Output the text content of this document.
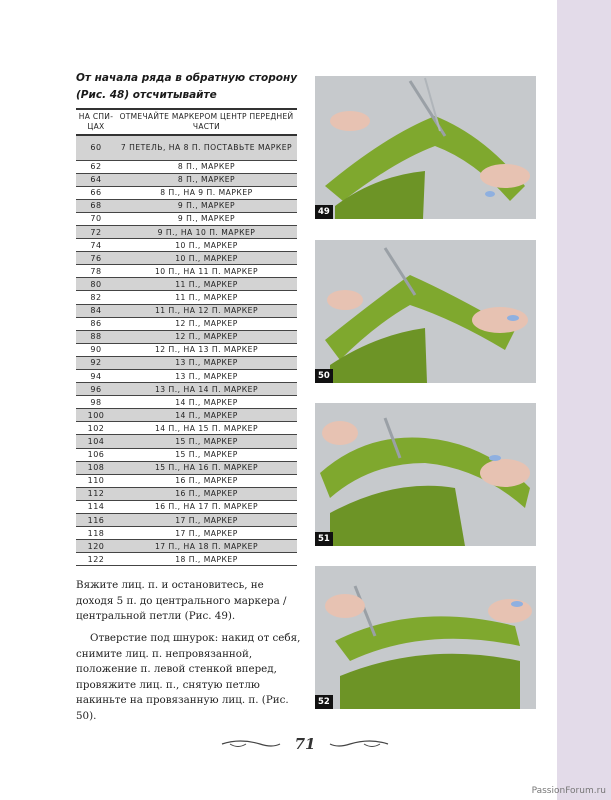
От начала ряда в обратную сторону
(Рис. 48) отсчитывайте
НА СПИ- ЦАХ	ОТМЕЧАЙТЕ МАРКЕРОМ ЦЕНТР ПЕРЕДНЕЙ ЧАСТИ
60	7 ПЕТЕЛЬ, НА 8 П. ПОСТАВЬТЕ МАРКЕР
62	8 П., МАРКЕР
64	8 П., МАРКЕР
66	8 П., НА 9 П. МАРКЕР
68	9 П., МАРКЕР
70	9 П., МАРКЕР
72	9 П., НА 10 П. МАРКЕР
74	10 П., МАРКЕР
76	10 П., МАРКЕР
78	10 П., НА 11 П. МАРКЕР
80	11 П., МАРКЕР
82	11 П., МАРКЕР
84	11 П., НА 12 П. МАРКЕР
86	12 П., МАРКЕР
88	12 П., МАРКЕР
90	12 П., НА 13 П. МАРКЕР
92	13 П., МАРКЕР
94	13 П., МАРКЕР
96	13 П., НА 14 П. МАРКЕР
98	14 П., МАРКЕР
100	14 П., МАРКЕР
102	14 П., НА 15 П. МАРКЕР
104	15 П., МАРКЕР
106	15 П., МАРКЕР
108	15 П., НА 16 П. МАРКЕР
110	16 П., МАРКЕР
112	16 П., МАРКЕР
114	16 П., НА 17 П. МАРКЕР
116	17 П., МАРКЕР
118	17 П., МАРКЕР
120	17 П., НА 18 П. МАРКЕР
122	18 П., МАРКЕР
Вяжите лиц. п. и остановитесь, не доходя 5 п. до центрального маркера / центральной петли (Рис. 49).
Отверстие под шнурок: накид от себя, снимите лиц. п. непровязанной, положение п. левой стенкой вперед, провяжите лиц. п., снятую петлю накиньте на провязанную лиц. п. (Рис. 50).
49
50
51
52
71
PassionForum.ru
